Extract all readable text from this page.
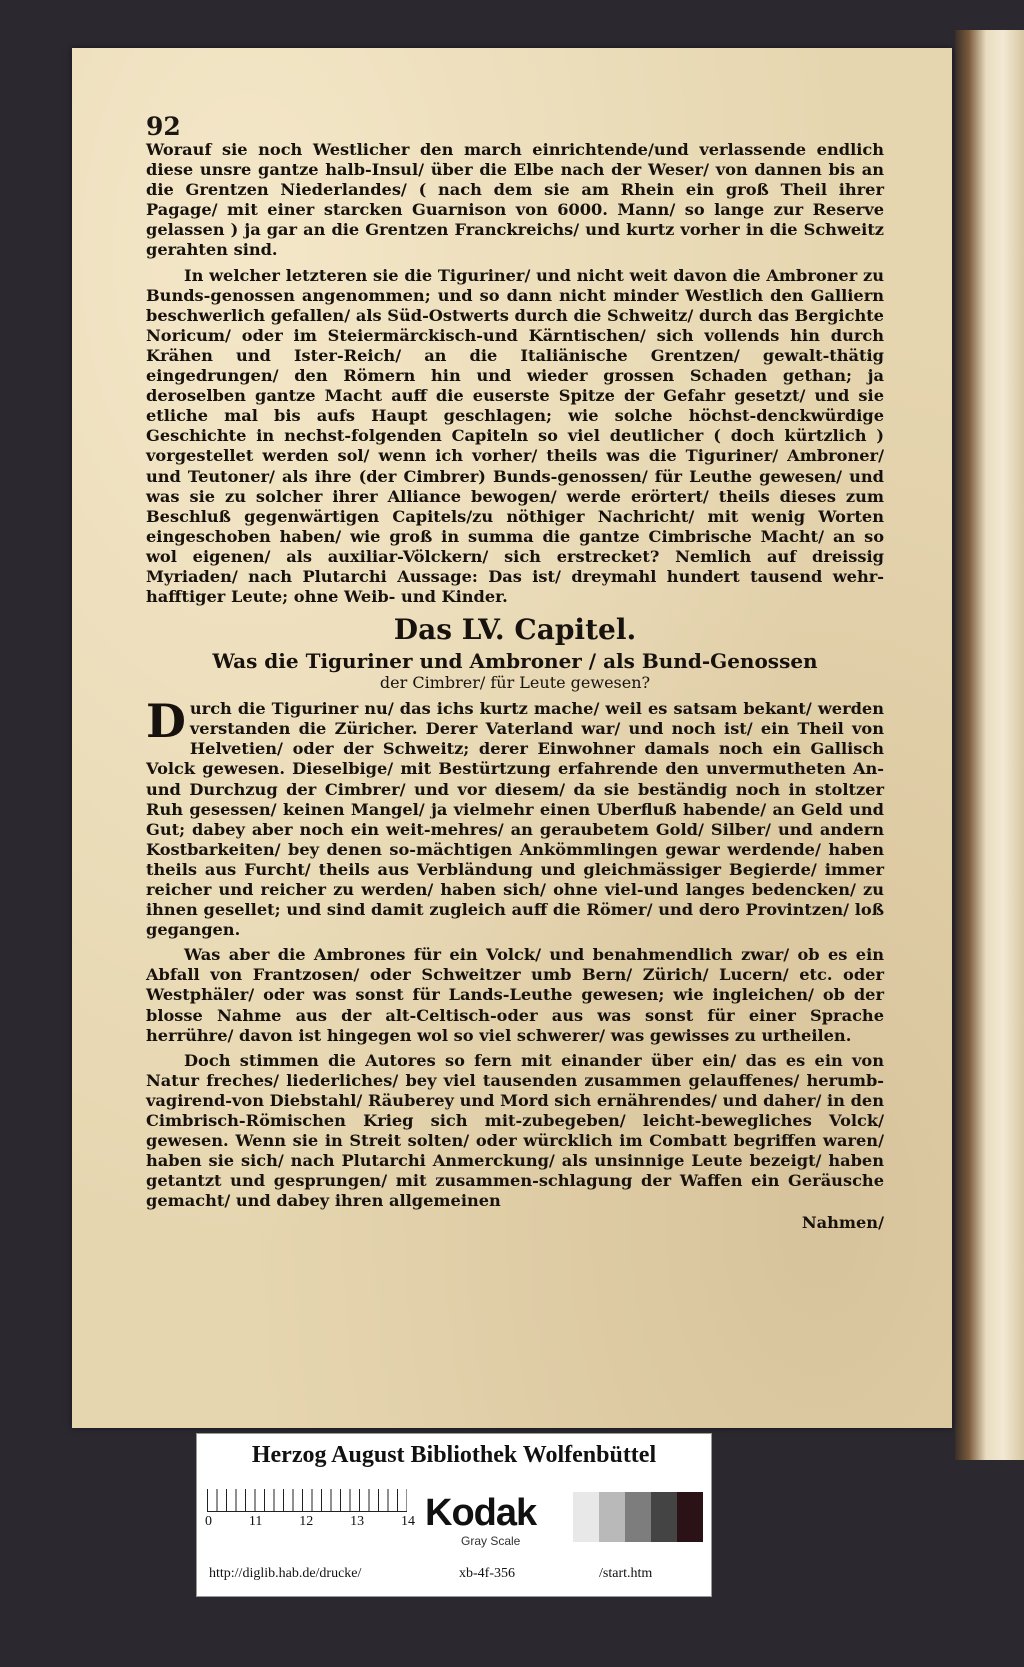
92

Worauf sie noch Westlicher den march einrichtende/und verlassende endlich diese unsre gantze halb-Insul/ über die Elbe nach der Weser/ von dannen bis an die Grentzen Niederlandes/ ( nach dem sie am Rhein ein groß Theil ihrer Pagage/ mit einer starcken Guarnison von 6000. Mann/ so lange zur Reserve gelassen ) ja gar an die Grentzen Franckreichs/ und kurtz vorher in die Schweitz gerahten sind.

In welcher letzteren sie die Tiguriner/ und nicht weit davon die Ambroner zu Bunds-genossen angenommen; und so dann nicht minder Westlich den Galliern beschwerlich gefallen/ als Süd-Ostwerts durch die Schweitz/ durch das Bergichte Noricum/ oder im Steiermärckisch-und Kärntischen/ sich vollends hin durch Krähen und Ister-Reich/ an die Italiänische Grentzen/ gewalt-thätig eingedrungen/ den Römern hin und wieder grossen Schaden gethan; ja deroselben gantze Macht auff die euserste Spitze der Gefahr gesetzt/ und sie etliche mal bis aufs Haupt geschlagen; wie solche höchst-denckwürdige Geschichte in nechst-folgenden Capiteln so viel deutlicher ( doch kürtzlich ) vorgestellet werden sol/ wenn ich vorher/ theils was die Tiguriner/ Ambroner/ und Teutoner/ als ihre (der Cimbrer) Bunds-genossen/ für Leuthe gewesen/ und was sie zu solcher ihrer Alliance bewogen/ werde erörtert/ theils dieses zum Beschluß gegenwärtigen Capitels/zu nöthiger Nachricht/ mit wenig Worten eingeschoben haben/ wie groß in summa die gantze Cimbrische Macht/ an so wol eigenen/ als auxiliar-Völckern/ sich erstrecket? Nemlich auf dreissig Myriaden/ nach Plutarchi Aussage: Das ist/ dreymahl hundert tausend wehr-hafftiger Leute; ohne Weib- und Kinder.

Das LV. Capitel.
Was die Tiguriner und Ambroner / als Bund-Genossen
der Cimbrer/ für Leute gewesen?

Durch die Tiguriner nu/ das ichs kurtz mache/ weil es satsam bekant/ werden verstanden die Züricher. Derer Vaterland war/ und noch ist/ ein Theil von Helvetien/ oder der Schweitz; derer Einwohner damals noch ein Gallisch Volck gewesen. Dieselbige/ mit Bestürtzung erfahrende den unvermutheten An-und Durchzug der Cimbrer/ und vor diesem/ da sie beständig noch in stoltzer Ruh gesessen/ keinen Mangel/ ja vielmehr einen Uberfluß habende/ an Geld und Gut; dabey aber noch ein weit-mehres/ an geraubetem Gold/ Silber/ und andern Kostbarkeiten/ bey denen so-mächtigen Ankömmlingen gewar werdende/ haben theils aus Furcht/ theils aus Verbländung und gleichmässiger Begierde/ immer reicher und reicher zu werden/ haben sich/ ohne viel-und langes bedencken/ zu ihnen gesellet; und sind damit zugleich auff die Römer/ und dero Provintzen/ loß gegangen.

Was aber die Ambrones für ein Volck/ und benahmendlich zwar/ ob es ein Abfall von Frantzosen/ oder Schweitzer umb Bern/ Zürich/ Lucern/ etc. oder Westphäler/ oder was sonst für Lands-Leuthe gewesen; wie ingleichen/ ob der blosse Nahme aus der alt-Celtisch-oder aus was sonst für einer Sprache herrühre/ davon ist hingegen wol so viel schwerer/ was gewisses zu urtheilen.

Doch stimmen die Autores so fern mit einander über ein/ das es ein von Natur freches/ liederliches/ bey viel tausenden zusammen gelauffenes/ herumb-vagirend-von Diebstahl/ Räuberey und Mord sich ernährendes/ und daher/ in den Cimbrisch-Römischen Krieg sich mit-zubegeben/ leicht-bewegliches Volck/ gewesen. Wenn sie in Streit solten/ oder würcklich im Combatt begriffen waren/ haben sie sich/ nach Plutarchi Anmerckung/ als unsinnige Leute bezeigt/ haben getantzt und gesprungen/ mit zusammen-schlagung der Waffen ein Geräusche gemacht/ und dabey ihren allgemeinen

Nahmen/
Herzog August Bibliothek Wolfenbüttel
0	11	12	13	14 Kodak
Gray Scale
http://diglib.hab.de/drucke/	xb-4f-356	/start.htm
